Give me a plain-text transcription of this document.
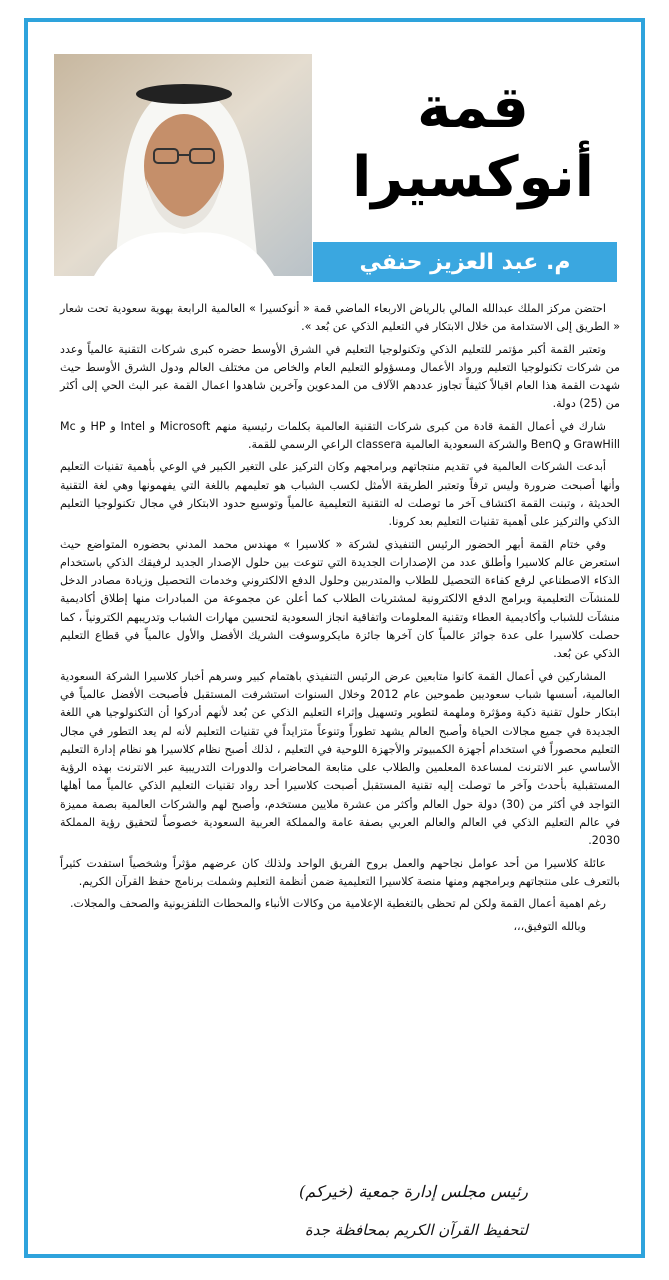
قمة
أنوكسيرا
م. عبد العزيز حنفي

احتضن مركز الملك عبدالله المالي بالرياض الاربعاء الماضي قمة « أنوكسيرا » العالمية الرابعة بهوية سعودية تحت شعار « الطريق إلى الاستدامة من خلال الابتكار في التعليم الذكي عن بُعد ».

وتعتبر القمة أكبر مؤتمر للتعليم الذكي وتكنولوجيا التعليم في الشرق الأوسط حضره كبرى شركات التقنية عالمياً وعدد من شركات تكنولوجيا التعليم ورواد الأعمال ومسؤولو التعليم العام والخاص من مختلف العالم ودول الشرق الأوسط حيث شهدت القمة هذا العام اقبالاً كثيفاً تجاوز عددهم الآلاف من المدعوين وآخرين شاهدوا اعمال القمة عبر البث الحي إلى أكثر من (25) دولة.

شارك في أعمال القمة قادة من كبرى شركات التقنية العالمية بكلمات رئيسية منهم Microsoft و Intel و HP و Mc GrawHill و BenQ والشركة السعودية العالمية classera الراعي الرسمي للقمة.

أبدعت الشركات العالمية في تقديم منتجاتهم وبرامجهم وكان التركيز على التغير الكبير في الوعي بأهمية تقنيات التعليم وأنها أصبحت ضرورة وليس ترفاً وتعتبر الطريقة الأمثل لكسب الشباب هو تعليمهم باللغة التي يفهمونها وهي لغة التقنية الحديثة ، وتبنت القمة اكتشاف آخر ما توصلت له التقنية التعليمية عالمياً وتوسيع حدود الابتكار في مجال تكنولوجيا التعليم الذكي والتركيز على أهمية تقنيات التعليم بعد كرونا.

وفي ختام القمة أبهر الحضور الرئيس التنفيذي لشركة « كلاسيرا » مهندس محمد المدني بحضوره المتواضع حيث استعرض عالم كلاسيرا وأطلق عدد من الإصدارات الجديدة التي تنوعت بين حلول الإصدار الجديد لرفيقك الذكي باستخدام الذكاء الاصطناعي لرفع كفاءة التحصيل للطلاب والمتدربين وحلول الدفع الالكتروني وخدمات التحصيل وزيادة مصادر الدخل للمنشآت التعليمية وبرامج الدفع الالكترونية لمشتريات الطلاب كما أعلن عن مجموعة من المبادرات منها إطلاق أكاديمية منشآت للشباب وأكاديمية العطاء وتقنية المعلومات واتفاقية انجاز السعودية لتحسين مهارات الشباب وتدريبهم الكترونياً ، كما حصلت كلاسيرا على عدة جوائز عالمياً كان آخرها جائزة مايكروسوفت الشريك الأفضل والأول عالمياً في قطاع التعليم الذكي عن بُعد.

المشاركين في أعمال القمة كانوا متابعين عرض الرئيس التنفيذي باهتمام كبير وسرهم أخبار كلاسيرا الشركة السعودية العالمية، أسسها شباب سعوديين طموحين عام 2012 وخلال السنوات استشرفت المستقبل فأصبحت الأفضل عالمياً في ابتكار حلول تقنية ذكية ومؤثرة وملهمة لتطوير وتسهيل وإثراء التعليم الذكي عن بُعد لأنهم أدركوا أن التكنولوجيا هي اللغة الجديدة في جميع مجالات الحياة وأصبح العالم يشهد تطوراً وتنوعاً متزايداً في تقنيات التعليم لأنه لم يعد التطور في مجال التعليم محصوراً في استخدام أجهزة الكمبيوتر والأجهزة اللوحية في التعليم ، لذلك أصبح نظام كلاسيرا هو نظام إدارة التعليم الأساسي عبر الانترنت لمساعدة المعلمين والطلاب على متابعة المحاضرات والدورات التدريبية عبر الانترنت بهذه الرؤية المستقبلية بأحدث وآخر ما توصلت إليه تقنية المستقبل أصبحت كلاسيرا أحد رواد تقنيات التعليم الذكي عالمياً مما أهلها التواجد في أكثر من (30) دولة حول العالم وأكثر من عشرة ملايين مستخدم، وأصبح لهم والشركات العالمية بصمة مميزة في عالم التعليم الذكي في العالم والعالم العربي بصفة عامة والمملكة العربية السعودية خصوصاً لتحقيق رؤية المملكة 2030.

عائلة كلاسيرا من أحد عوامل نجاحهم والعمل بروح الفريق الواحد ولذلك كان عرضهم مؤثراً وشخصياً استفدت كثيراً بالتعرف على منتجاتهم وبرامجهم ومنها منصة كلاسيرا التعليمية ضمن أنظمة التعليم وشملت برنامج حفظ القرآن الكريم.

رغم اهمية أعمال القمة ولكن لم تحظى بالتغطية الإعلامية من وكالات الأنباء والمحطات التلفزيونية والصحف والمجلات.

وبالله التوفيق،،،

رئيس مجلس إدارة جمعية (خيركم)
لتحفيظ القرآن الكريم بمحافظة جدة
